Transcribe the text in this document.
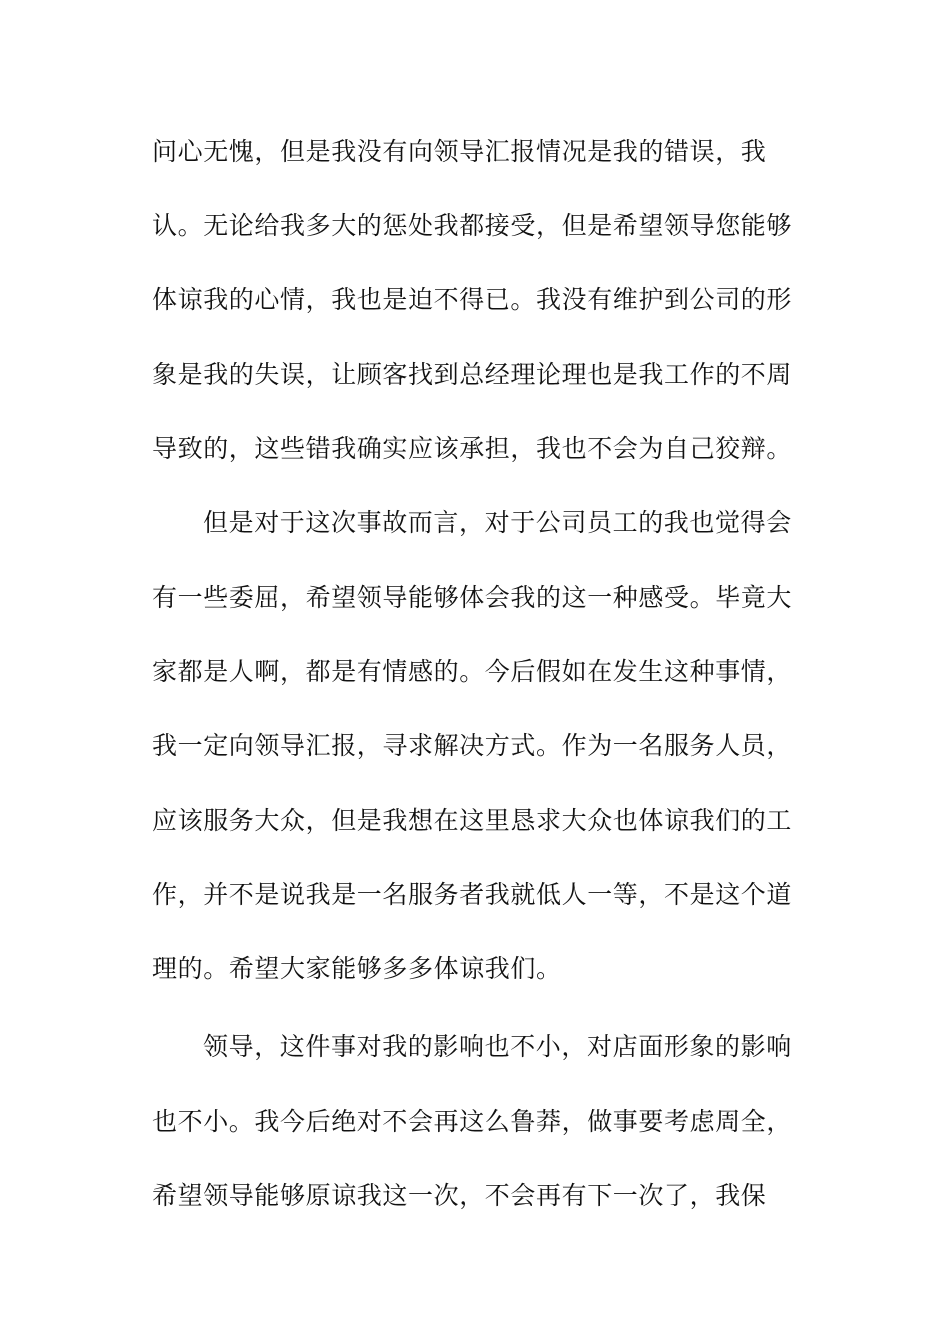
问心无愧，但是我没有向领导汇报情况是我的错误，我
认。无论给我多大的惩处我都接受，但是希望领导您能够
体谅我的心情，我也是迫不得已。我没有维护到公司的形
象是我的失误，让顾客找到总经理论理也是我工作的不周
导致的，这些错我确实应该承担，我也不会为自己狡辩。
但是对于这次事故而言，对于公司员工的我也觉得会
有一些委屈，希望领导能够体会我的这一种感受。毕竟大
家都是人啊，都是有情感的。今后假如在发生这种事情，
我一定向领导汇报，寻求解决方式。作为一名服务人员，
应该服务大众，但是我想在这里恳求大众也体谅我们的工
作，并不是说我是一名服务者我就低人一等，不是这个道
理的。希望大家能够多多体谅我们。
领导，这件事对我的影响也不小，对店面形象的影响
也不小。我今后绝对不会再这么鲁莽，做事要考虑周全，
希望领导能够原谅我这一次，不会再有下一次了，我保
